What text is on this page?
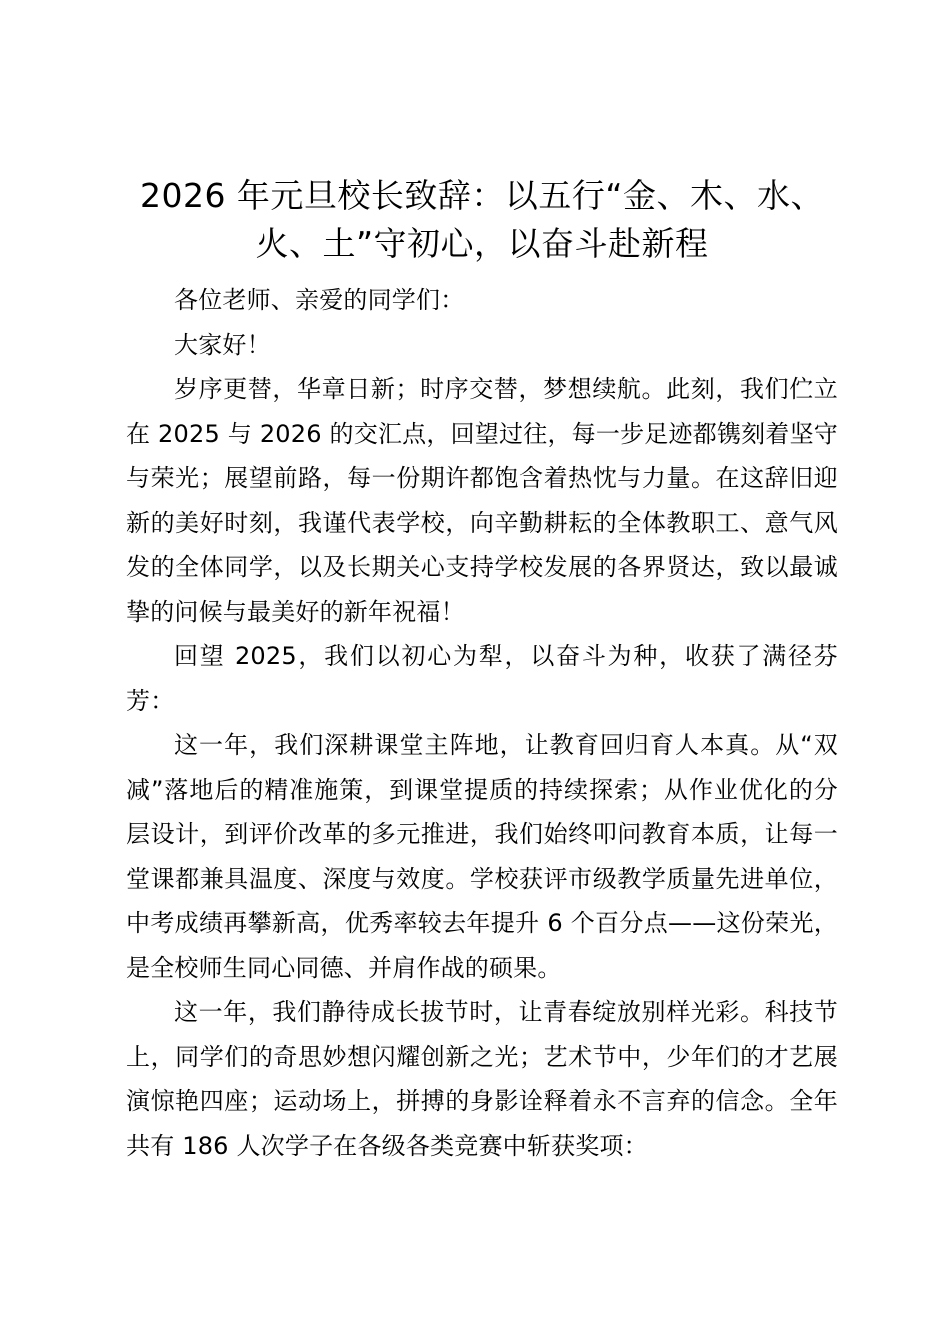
2026 年元旦校长致辞：以五行“金、木、水、火、土”守初心，以奋斗赴新程

各位老师、亲爱的同学们：

大家好！

岁序更替，华章日新；时序交替，梦想续航。此刻，我们伫立在 2025 与 2026 的交汇点，回望过往，每一步足迹都镌刻着坚守与荣光；展望前路，每一份期许都饱含着热忱与力量。在这辞旧迎新的美好时刻，我谨代表学校，向辛勤耕耘的全体教职工、意气风发的全体同学，以及长期关心支持学校发展的各界贤达，致以最诚挚的问候与最美好的新年祝福！

回望 2025，我们以初心为犁，以奋斗为种，收获了满径芬芳：

这一年，我们深耕课堂主阵地，让教育回归育人本真。从“双减”落地后的精准施策，到课堂提质的持续探索；从作业优化的分层设计，到评价改革的多元推进，我们始终叩问教育本质，让每一堂课都兼具温度、深度与效度。学校获评市级教学质量先进单位，中考成绩再攀新高，优秀率较去年提升 6 个百分点——这份荣光，是全校师生同心同德、并肩作战的硕果。

这一年，我们静待成长拔节时，让青春绽放别样光彩。科技节上，同学们的奇思妙想闪耀创新之光；艺术节中，少年们的才艺展演惊艳四座；运动场上，拼搏的身影诠释着永不言弃的信念。全年共有 186 人次学子在各级各类竞赛中斩获奖项：
